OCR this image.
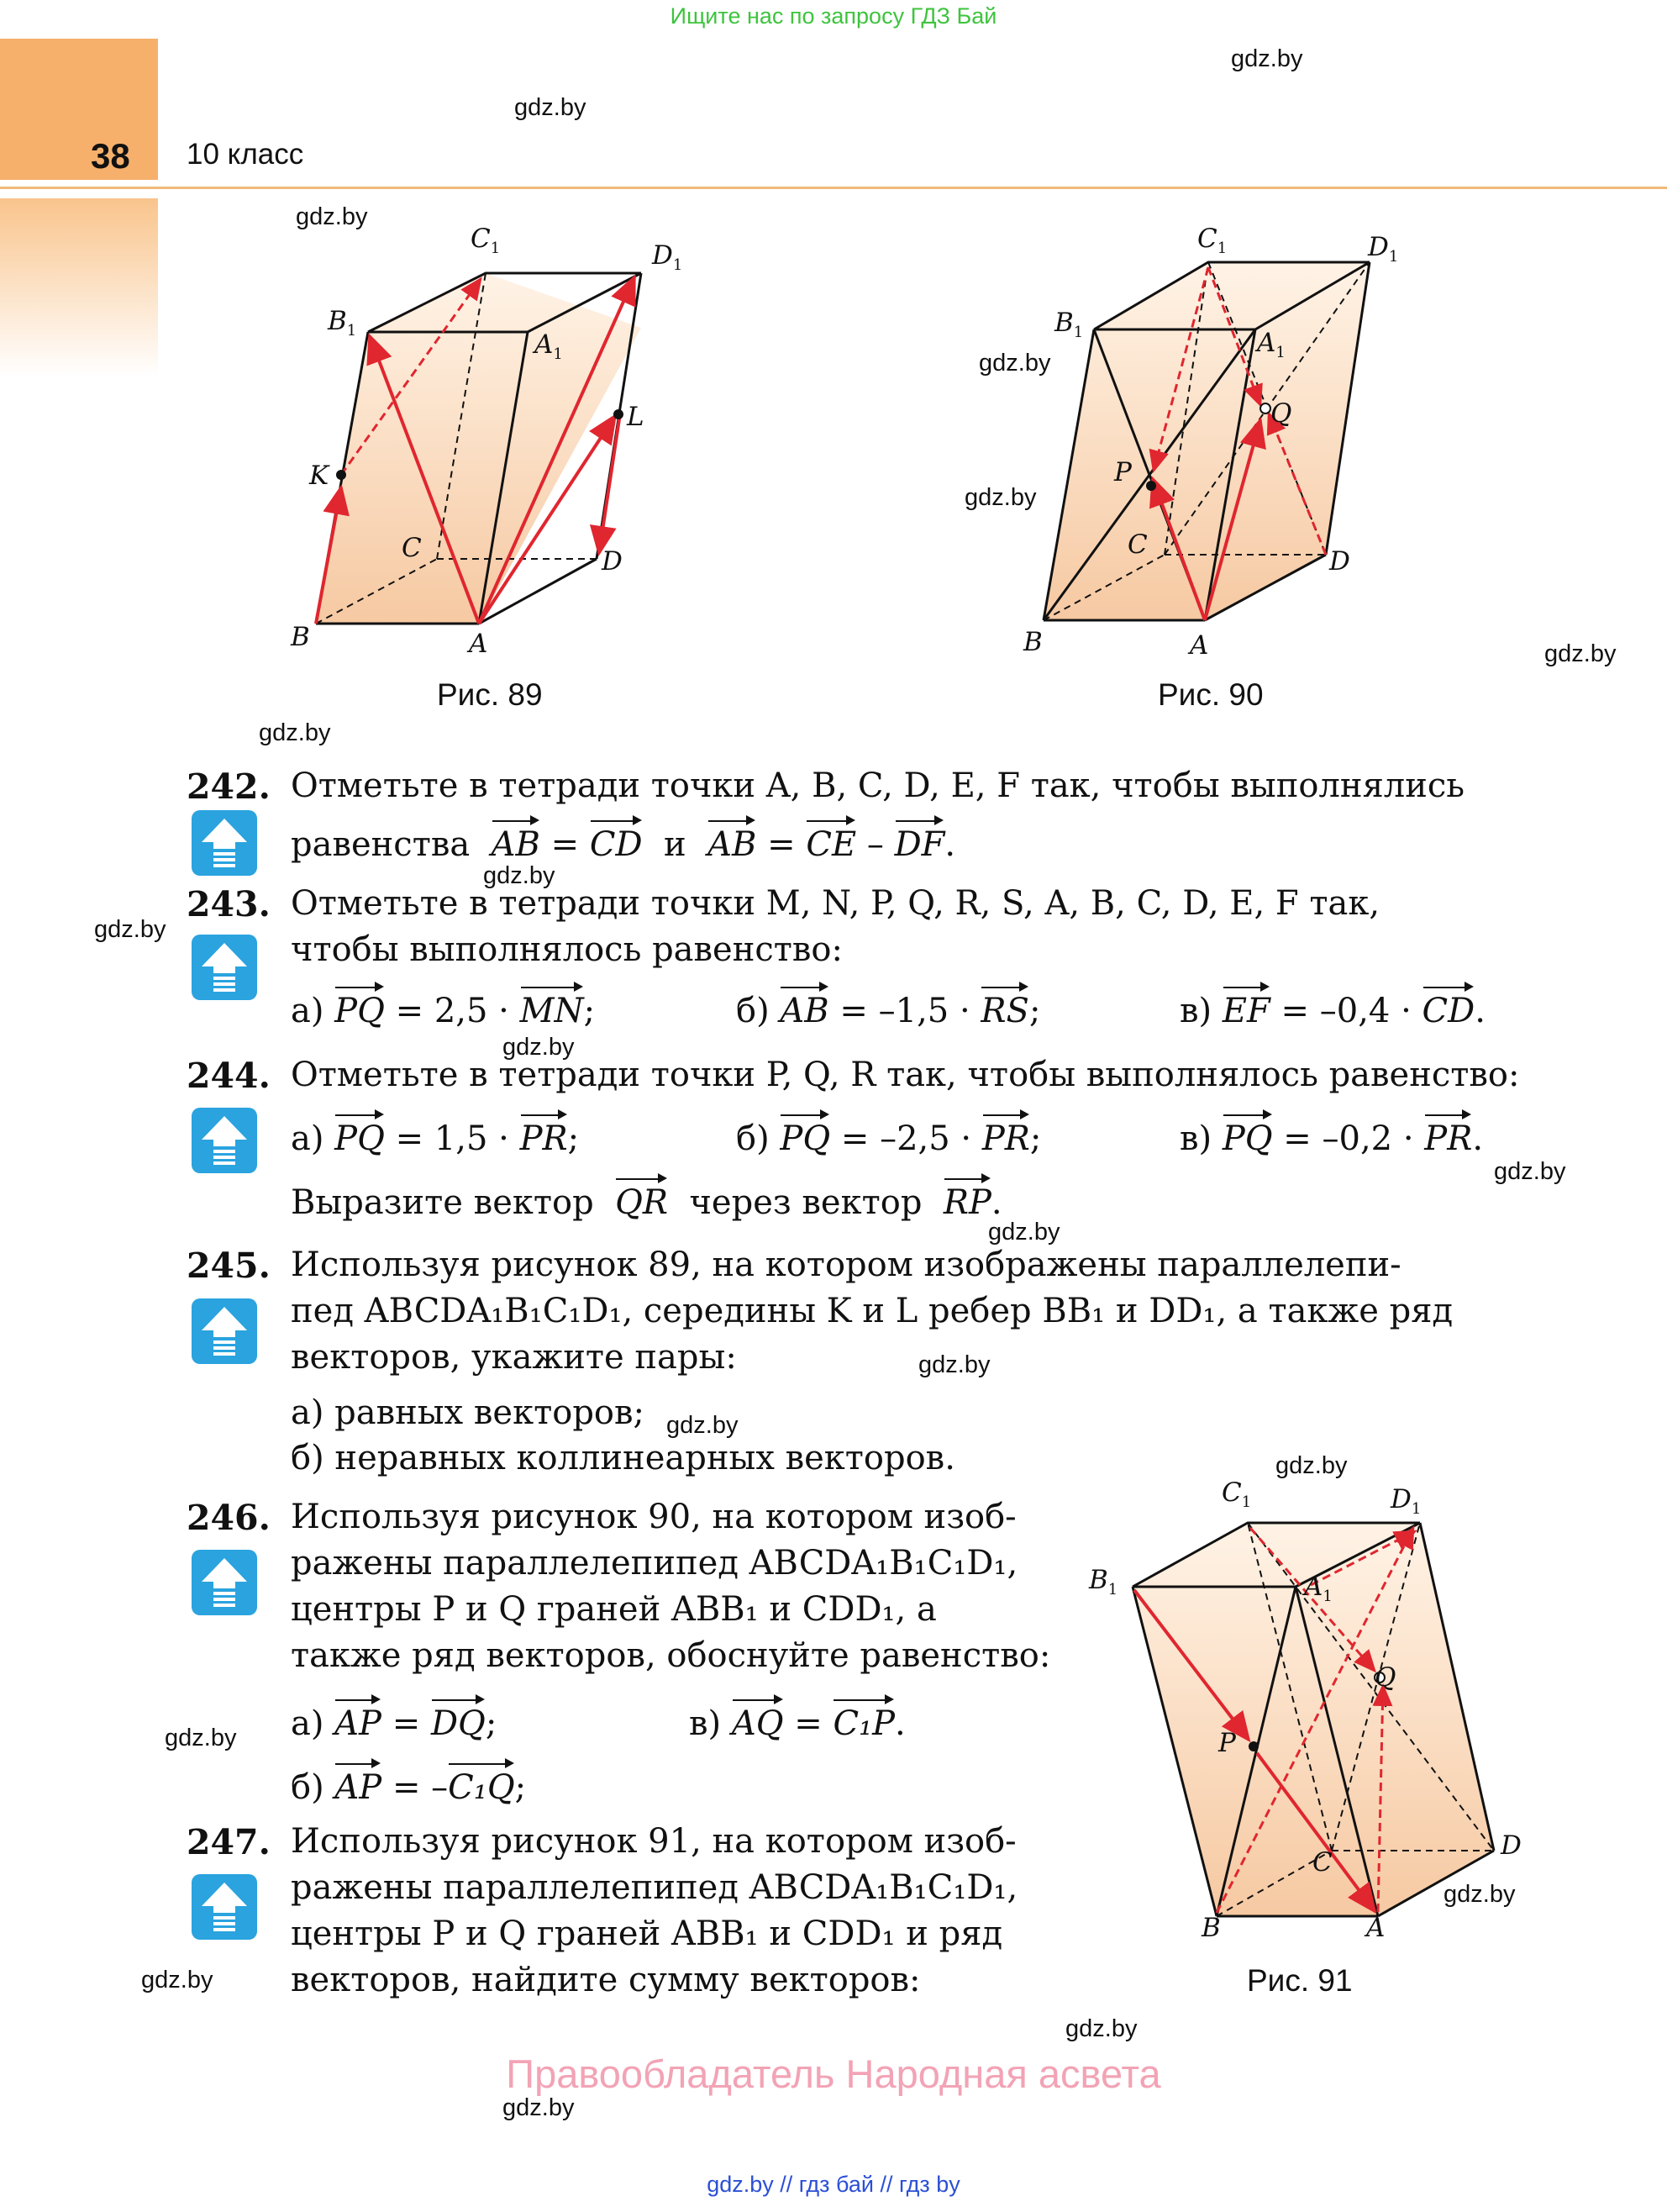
Ищите нас по запросу ГДЗ Бай
38 10 класс
gdz.by
gdz.by
gdz.by
gdz.by
gdz.by
gdz.by
gdz.by
gdz.by
gdz.by
gdz.by
gdz.by
gdz.by
gdz.by
gdz.by
gdz.by
gdz.by
gdz.by
gdz.by
gdz.by
gdz.by
$C_1$	$D_1$
$B_1$	$A_1$
K
L
C	D
B	A
Рис. 89
$C_1$	$D_1$
$B_1$	$A_1$
P
Q
C
D
B	A
Рис. 90
242. Отметьте в тетради точки A, B, C, D, E, F так, чтобы выполнялись
равенства AB = CD и AB = CE – DF.
243. Отметьте в тетради точки M, N, P, Q, R, S, A, B, C, D, E, F так,
чтобы выполнялось равенство:
а) PQ = 2,5 · MN;	б) AB = –1,5 · RS;	в) EF = –0,4 · CD.
244. Отметьте в тетради точки P, Q, R так, чтобы выполнялось равенство:
а) PQ = 1,5 · PR;	б) PQ = –2,5 · PR;	в) PQ = –0,2 · PR.
Выразите вектор QR через вектор RP.
245. Используя рисунок 89, на котором изображены параллелепи-
пед ABCDA₁B₁C₁D₁, середины K и L ребер BB₁ и DD₁, а также ряд
векторов, укажите пары:
а) равных векторов;
б) неравных коллинеарных векторов.
246. Используя рисунок 90, на котором изоб-
ражены параллелепипед ABCDA₁B₁C₁D₁,
центры P и Q граней ABB₁ и CDD₁, а
также ряд векторов, обоснуйте равенство:
а) AP = DQ;	в) AQ = C₁P.
б) AP = –C₁Q;
247. Используя рисунок 91, на котором изоб-
ражены параллелепипед ABCDA₁B₁C₁D₁,
центры P и Q граней ABB₁ и CDD₁ и ряд
векторов, найдите сумму векторов:
$C_1$	$D_1$
$B_1$	$A_1$
P
Q
C
D
B	A
Рис. 91
Правообладатель Народная асвета
gdz.by // гдз бай // гдз by
